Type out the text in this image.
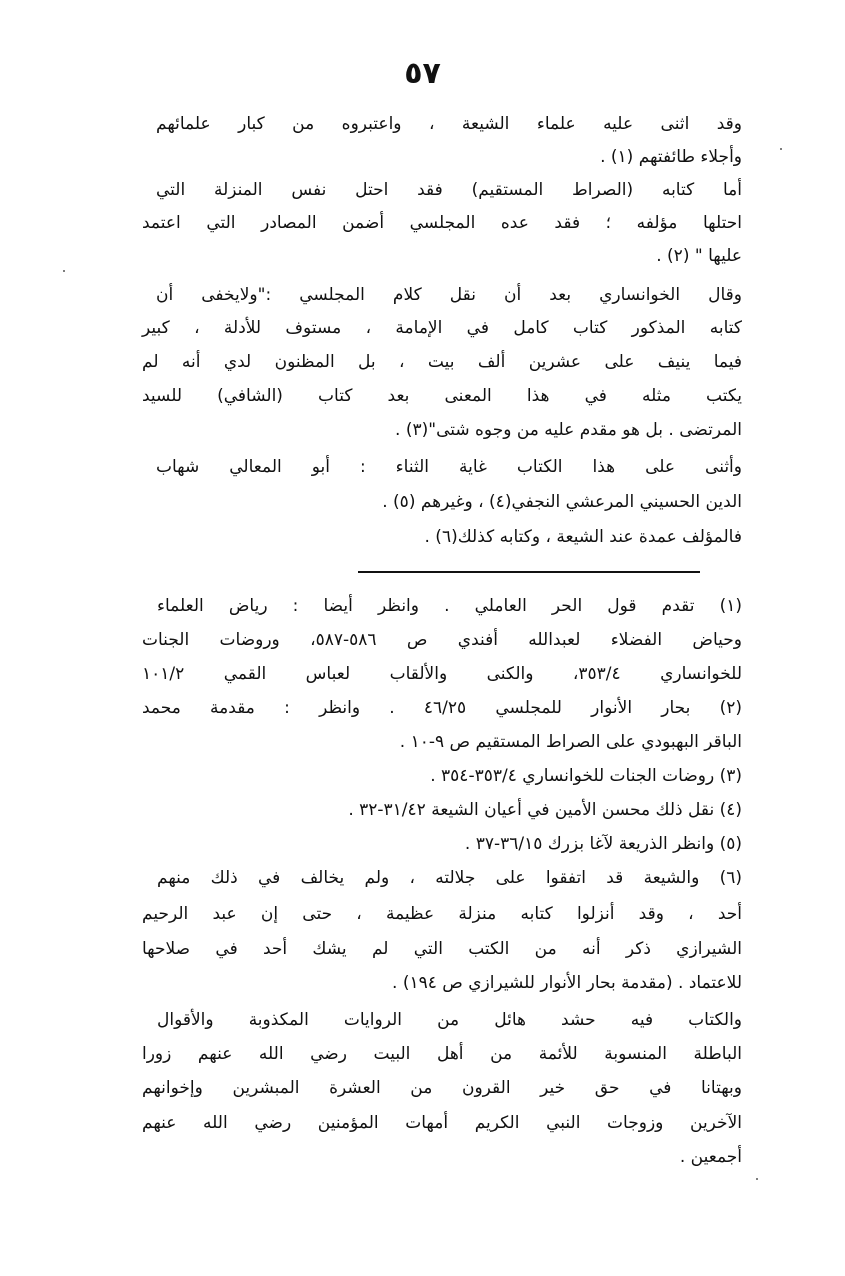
٥٧
وقد اثنى عليه علماء الشيعة ، واعتبروه من كبار علمائهم
وأجلاء طائفتهم (١) .
أما كتابه (الصراط المستقيم) فقد احتل نفس المنزلة التي
احتلها مؤلفه ؛ فقد عده المجلسي أضمن المصادر التي اعتمد
عليها " (٢) .
وقال الخوانساري بعد أن نقل كلام المجلسي :"ولايخفى أن
كتابه المذكور كتاب كامل في الإمامة ، مستوف للأدلة ، كبير
فيما ينيف على عشرين ألف بيت ، بل المظنون لدي أنه لم
يكتب مثله في هذا المعنى بعد كتاب (الشافي) للسيد
المرتضى . بل هو مقدم عليه من وجوه شتى"(٣) .
وأثنى على هذا الكتاب غاية الثناء : أبو المعالي شهاب
الدين الحسيني المرعشي النجفي(٤) ، وغيرهم (٥) .
فالمؤلف عمدة عند الشيعة ، وكتابه كذلك(٦) .
(١) تقدم قول الحر العاملي . وانظر أيضا : رياض العلماء
وحياض الفضلاء لعبدالله أفندي ص ٥٨٦-٥٨٧، وروضات الجنات
للخوانساري ٣٥٣/٤، والكنى والألقاب لعباس القمي ١٠١/٢
(٢) بحار الأنوار للمجلسي ٤٦/٢٥ . وانظر : مقدمة محمد
الباقر البهبودي على الصراط المستقيم ص ٩-١٠ .
(٣) روضات الجنات للخوانساري ٣٥٣/٤-٣٥٤ .
(٤) نقل ذلك محسن الأمين في أعيان الشيعة ٣١/٤٢-٣٢ .
(٥) وانظر الذريعة لآغا بزرك ٣٦/١٥-٣٧ .
(٦) والشيعة قد اتفقوا على جلالته ، ولم يخالف في ذلك منهم
أحد ، وقد أنزلوا كتابه منزلة عظيمة ، حتى إن عبد الرحيم
الشيرازي ذكر أنه من الكتب التي لم يشك أحد في صلاحها
للاعتماد . (مقدمة بحار الأنوار للشيرازي ص ١٩٤) .
والكتاب فيه حشد هائل من الروايات المكذوبة والأقوال
الباطلة المنسوبة للأئمة من أهل البيت رضي الله عنهم زورا
وبهتانا في حق خير القرون من العشرة المبشرين وإخوانهم
الآخرين وزوجات النبي الكريم أمهات المؤمنين رضي الله عنهم
أجمعين .
